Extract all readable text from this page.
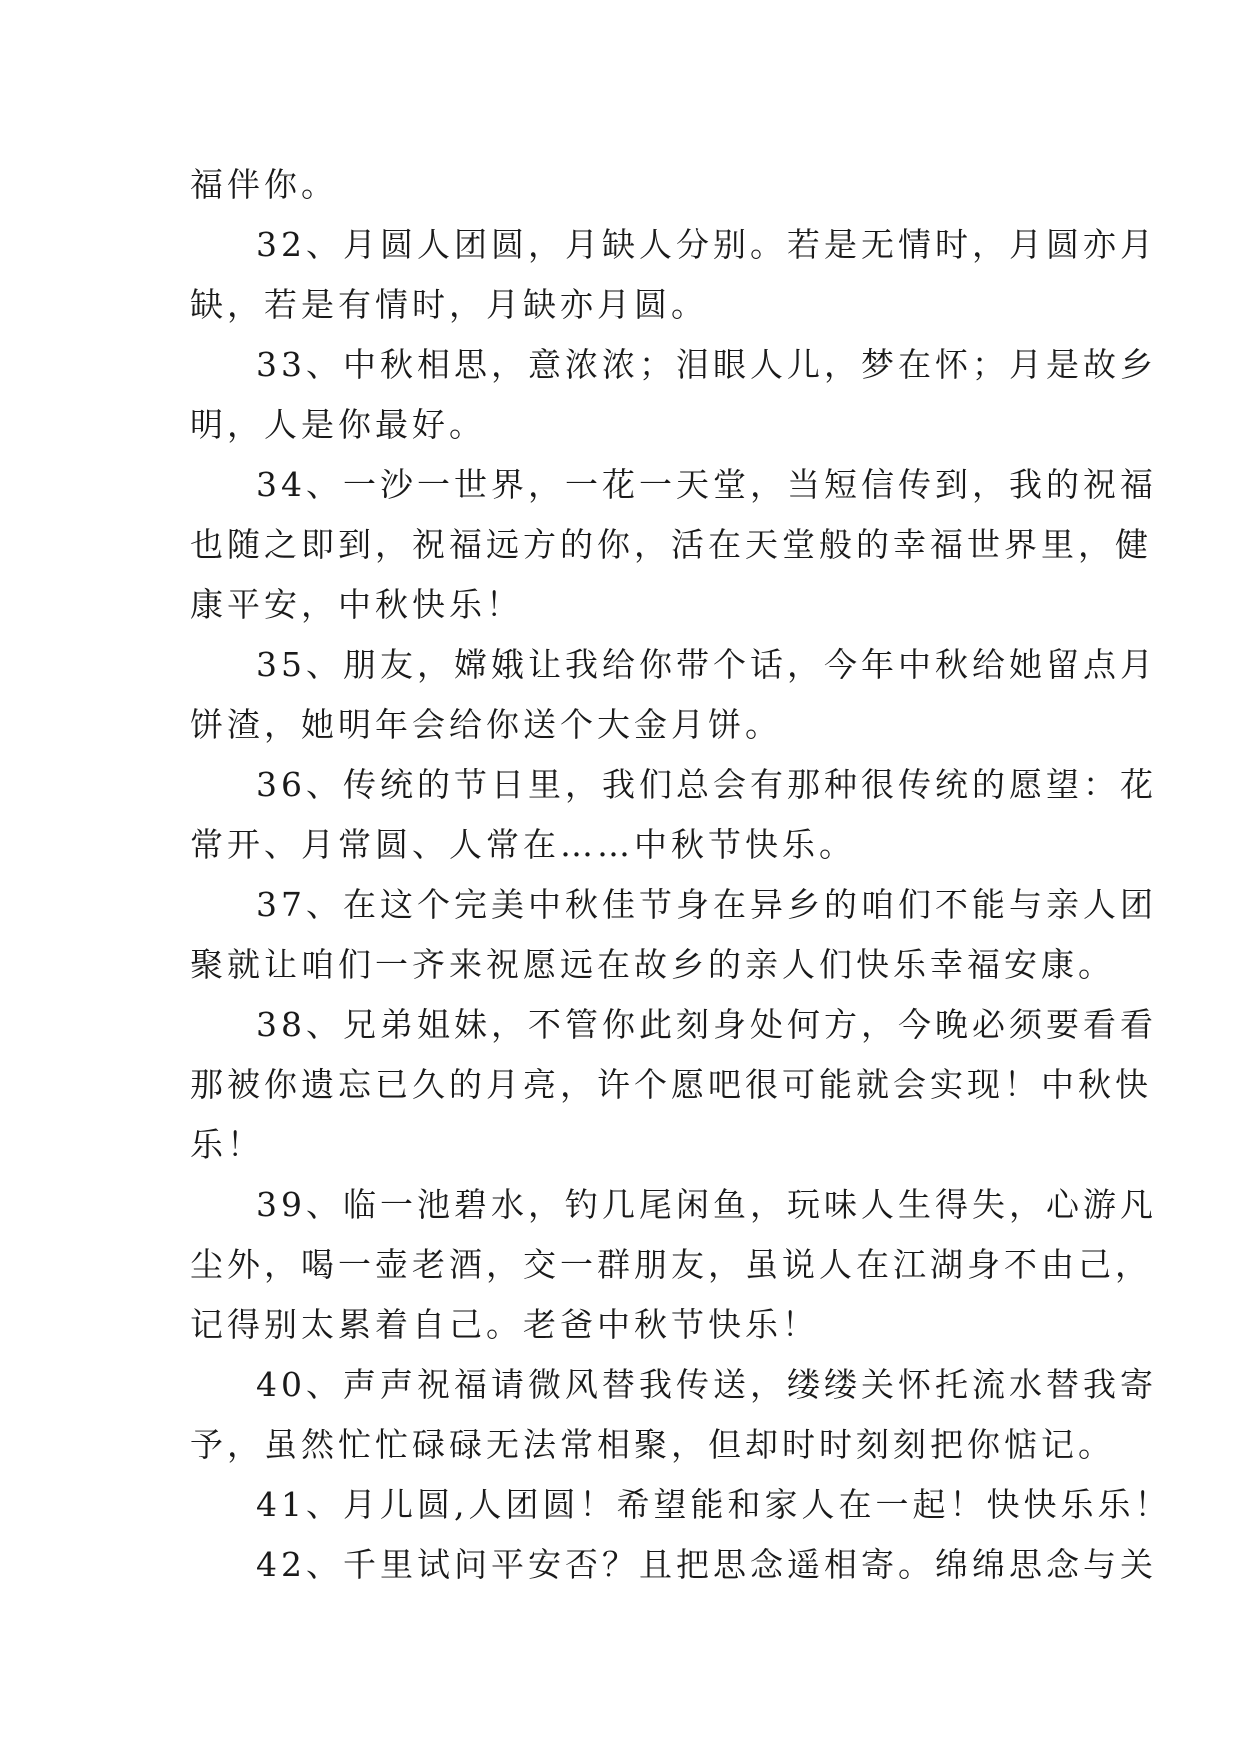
福伴你。
32、月圆人团圆，月缺人分别。若是无情时，月圆亦月
缺，若是有情时，月缺亦月圆。
33、中秋相思，意浓浓；泪眼人儿，梦在怀；月是故乡
明，人是你最好。
34、一沙一世界，一花一天堂，当短信传到，我的祝福
也随之即到，祝福远方的你，活在天堂般的幸福世界里，健
康平安，中秋快乐！
35、朋友，嫦娥让我给你带个话，今年中秋给她留点月
饼渣，她明年会给你送个大金月饼。
36、传统的节日里，我们总会有那种很传统的愿望：花
常开、月常圆、人常在……中秋节快乐。
37、在这个完美中秋佳节身在异乡的咱们不能与亲人团
聚就让咱们一齐来祝愿远在故乡的亲人们快乐幸福安康。
38、兄弟姐妹，不管你此刻身处何方，今晚必须要看看
那被你遗忘已久的月亮，许个愿吧很可能就会实现！中秋快
乐！
39、临一池碧水，钓几尾闲鱼，玩味人生得失，心游凡
尘外，喝一壶老酒，交一群朋友，虽说人在江湖身不由己，
记得别太累着自己。老爸中秋节快乐！
40、声声祝福请微风替我传送，缕缕关怀托流水替我寄
予，虽然忙忙碌碌无法常相聚，但却时时刻刻把你惦记。
41、月儿圆,人团圆！希望能和家人在一起！快快乐乐！
42、千里试问平安否？且把思念遥相寄。绵绵思念与关
